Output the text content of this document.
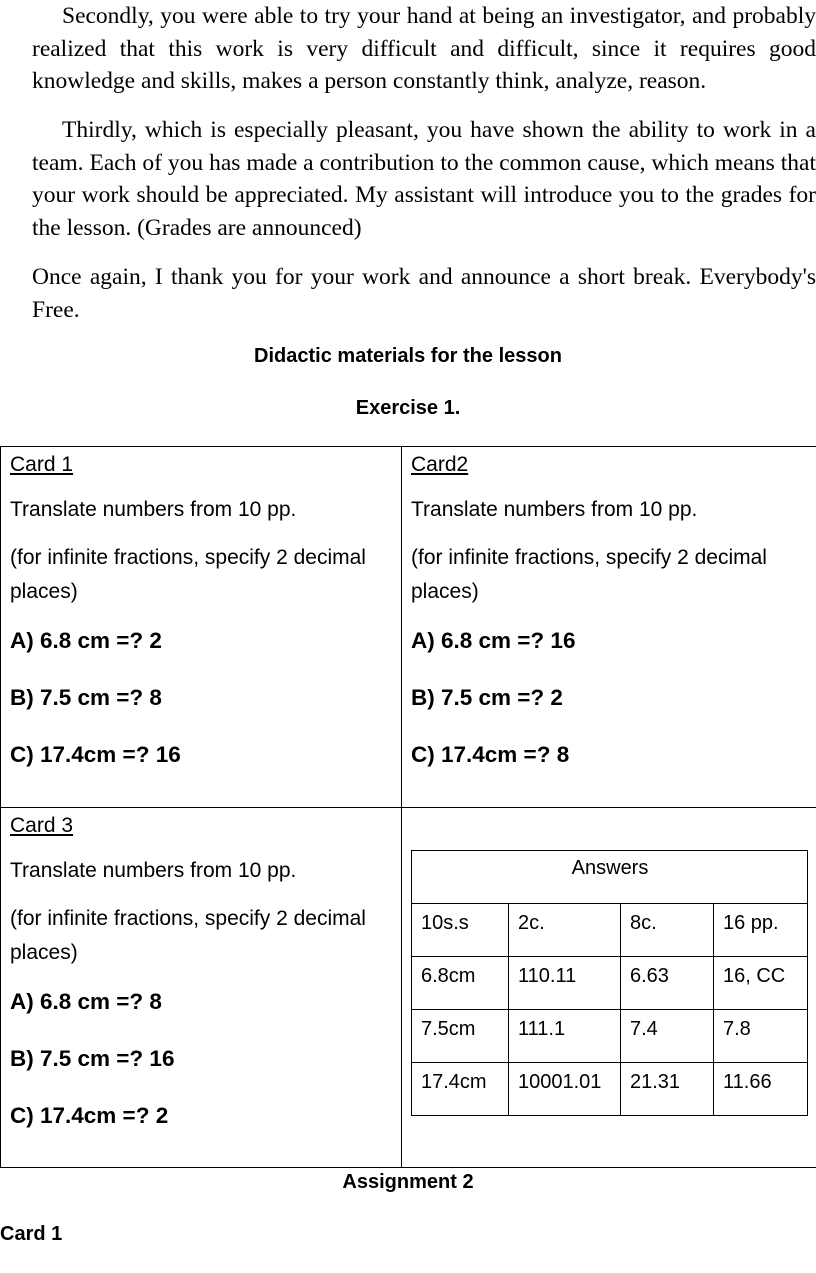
Secondly, you were able to try your hand at being an investigator, and probably realized that this work is very difficult and difficult, since it requires good knowledge and skills, makes a person constantly think, analyze, reason.

Thirdly, which is especially pleasant, you have shown the ability to work in a team. Each of you has made a contribution to the common cause, which means that your work should be appreciated. My assistant will introduce you to the grades for the lesson. (Grades are announced)

Once again, I thank you for your work and announce a short break. Everybody's Free.

Didactic materials for the lesson

Exercise 1.

Card 1

Translate numbers from 10 pp.

(for infinite fractions, specify 2 decimal places)

A) 6.8 cm =? 2

B) 7.5 cm =? 8

C) 17.4cm =? 16

Card2

Translate numbers from 10 pp.

(for infinite fractions, specify 2 decimal places)

A) 6.8 cm =? 16

B) 7.5 cm =? 2

C) 17.4cm =? 8

Card 3

Translate numbers from 10 pp.

(for infinite fractions, specify 2 decimal places)

A) 6.8 cm =? 8

B) 7.5 cm =? 16

C) 17.4cm =? 2

Answers
10s.s	2c.	8c.	16 pp.
6.8cm	110.11	6.63	16, CC
7.5cm	111.1	7.4	7.8
17.4cm	10001.01	21.31	11.66

Assignment 2

Card 1
